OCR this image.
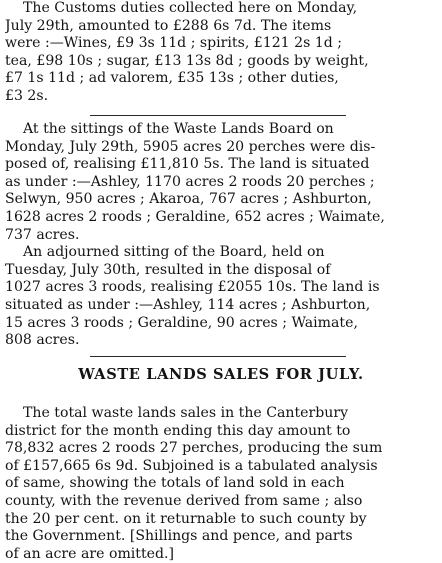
The Customs duties collected here on Monday,
July 29th, amounted to £288 6s 7d. The items
were :—Wines, £9 3s 11d ; spirits, £121 2s 1d ;
tea, £98 10s ; sugar, £13 13s 8d ; goods by weight,
£7 1s 11d ; ad valorem, £35 13s ; other duties,
£3 2s.
At the sittings of the Waste Lands Board on
Monday, July 29th, 5905 acres 20 perches were dis-
posed of, realising £11,810 5s. The land is situated
as under :—Ashley, 1170 acres 2 roods 20 perches ;
Selwyn, 950 acres ; Akaroa, 767 acres ; Ashburton,
1628 acres 2 roods ; Geraldine, 652 acres ; Waimate,
737 acres.
An adjourned sitting of the Board, held on
Tuesday, July 30th, resulted in the disposal of
1027 acres 3 roods, realising £2055 10s. The land is
situated as under :—Ashley, 114 acres ; Ashburton,
15 acres 3 roods ; Geraldine, 90 acres ; Waimate,
808 acres.
WASTE LANDS SALES FOR JULY.
The total waste lands sales in the Canterbury
district for the month ending this day amount to
78,832 acres 2 roods 27 perches, producing the sum
of £157,665 6s 9d. Subjoined is a tabulated analysis
of same, showing the totals of land sold in each
county, with the revenue derived from same ; also
the 20 per cent. on it returnable to such county by
the Government. [Shillings and pence, and parts
of an acre are omitted.]
